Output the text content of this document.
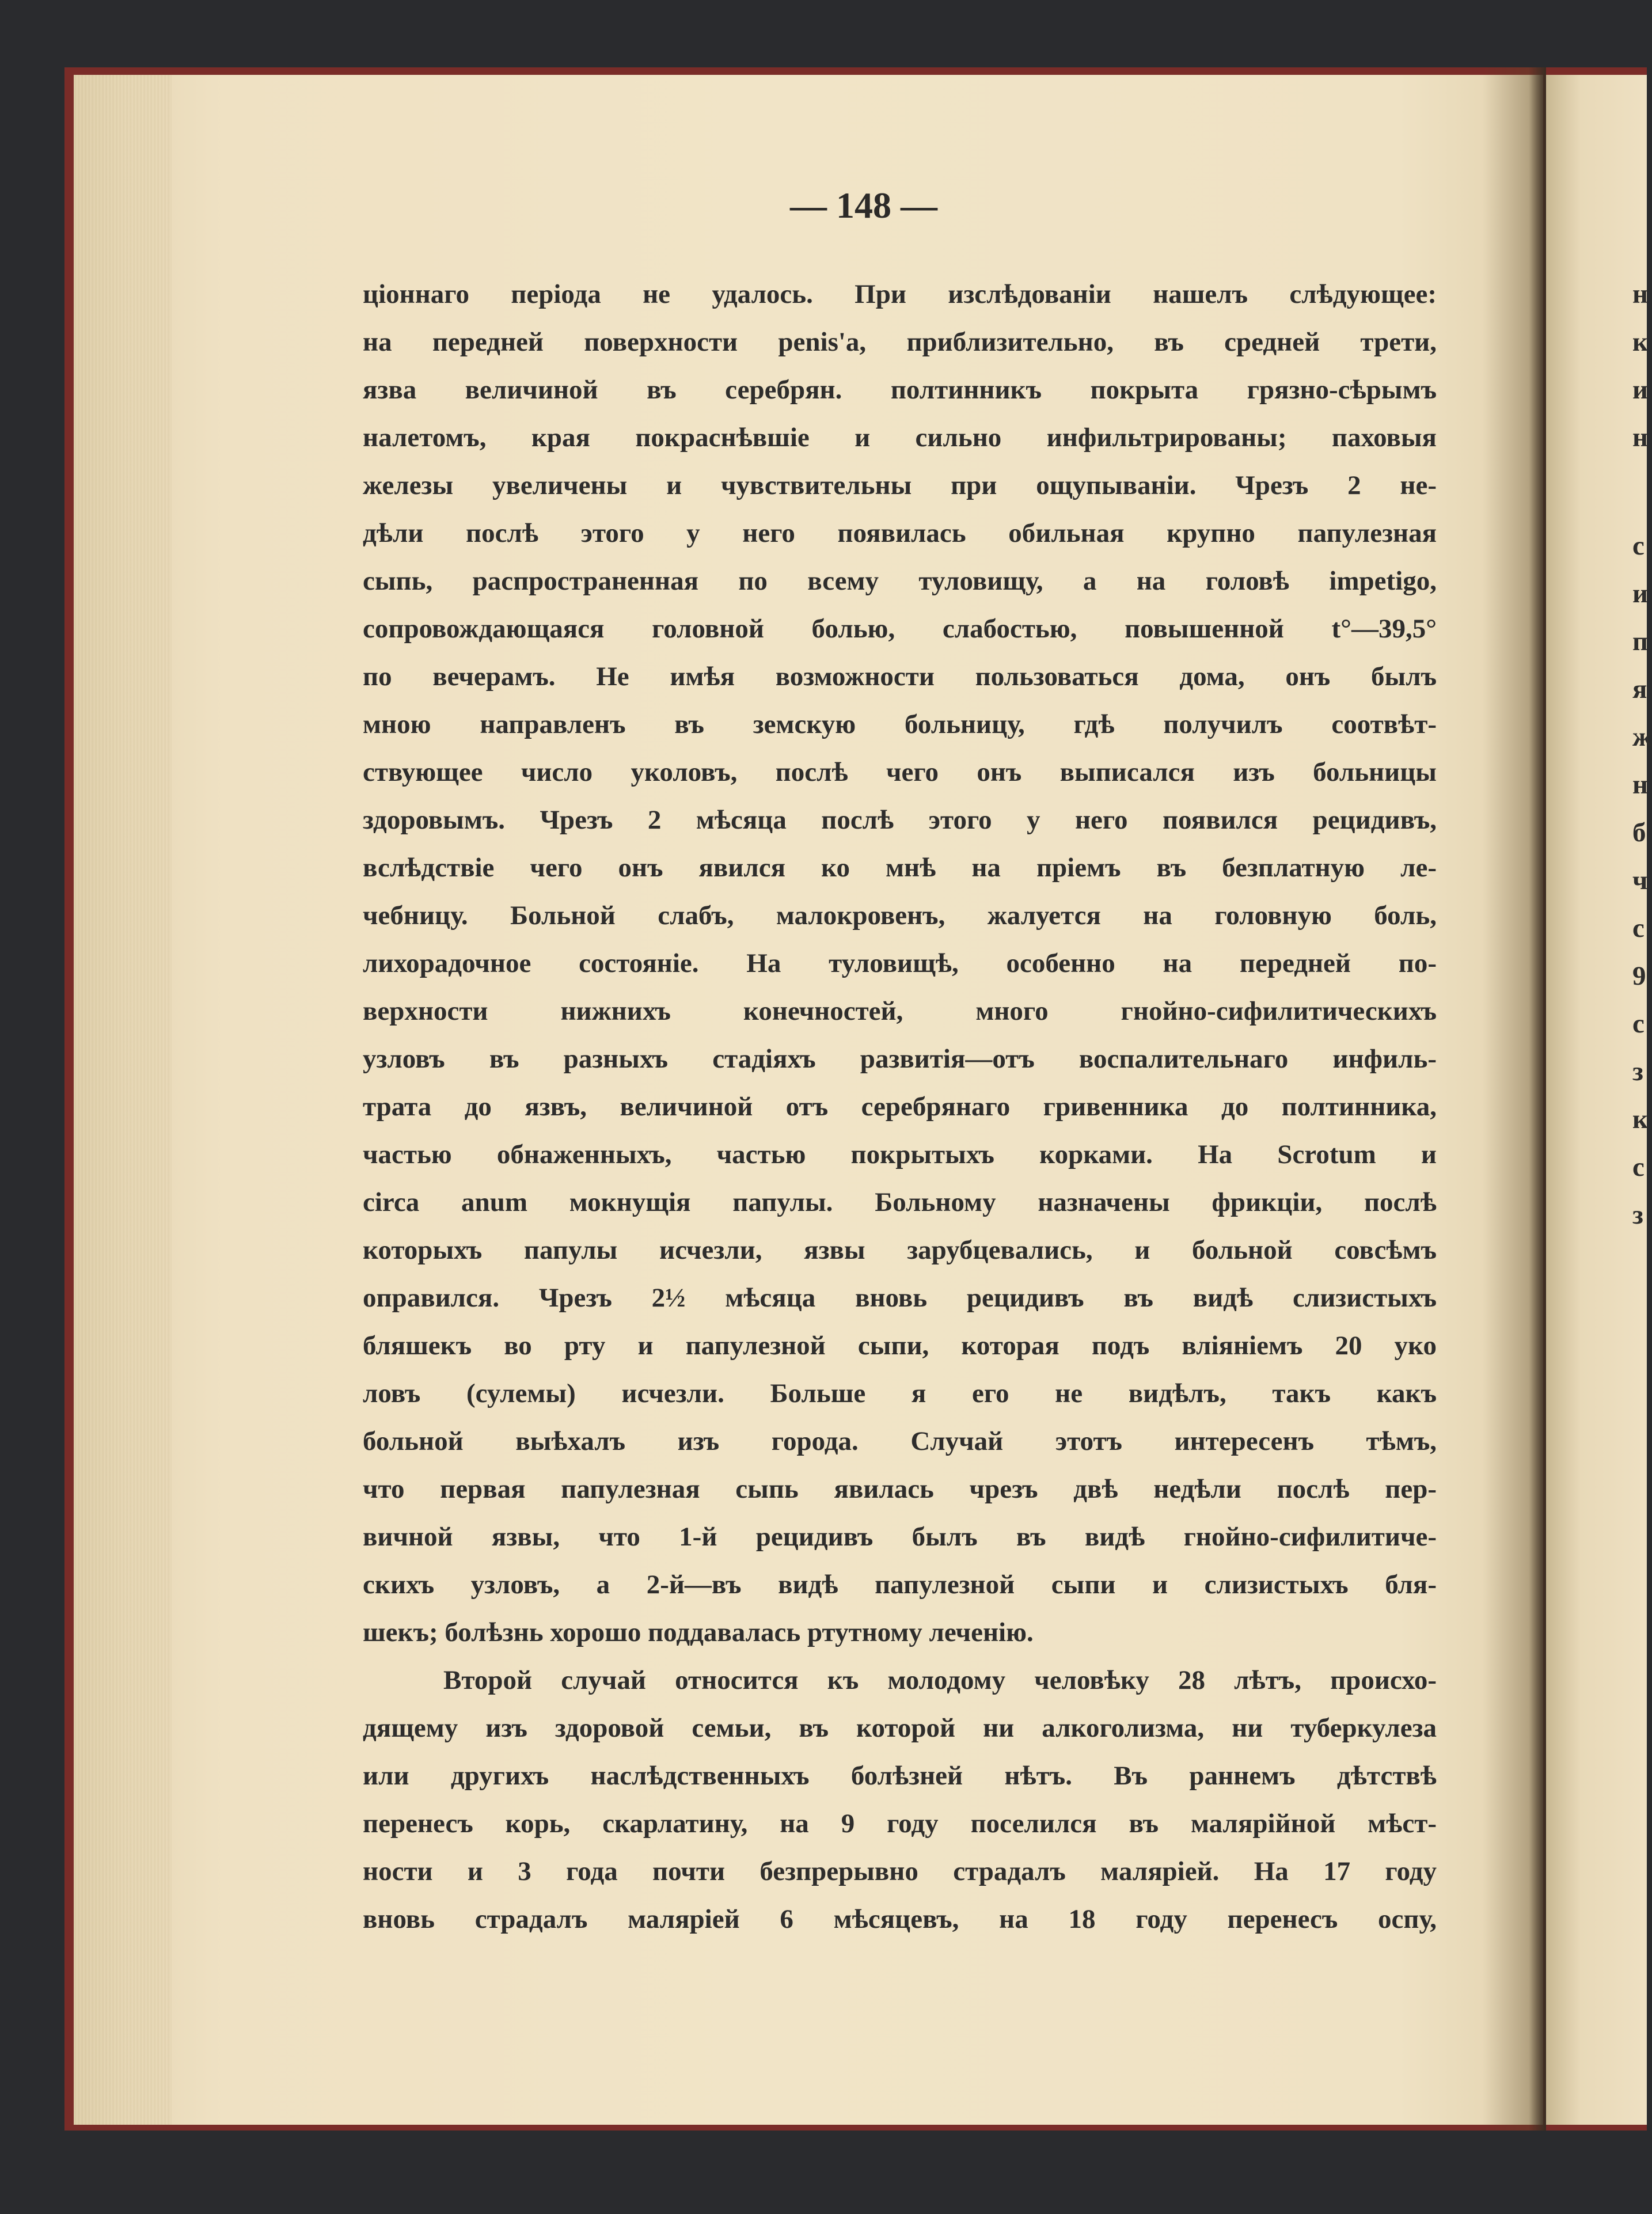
— 148 —
ціоннаго періода не удалось. При изслѣдованіи нашелъ слѣдующее:
на передней поверхности penis'a, приблизительно, въ средней трети,
язва величиной въ серебрян. полтинникъ покрыта грязно-сѣрымъ
налетомъ, края покраснѣвшіе и сильно инфильтрированы; паховыя
железы увеличены и чувствительны при ощупываніи. Чрезъ 2 не-
дѣли послѣ этого у него появилась обильная крупно папулезная
сыпь, распространенная по всему туловищу, а на головѣ impetigo,
сопровождающаяся головной болью, слабостью, повышенной t°—39,5°
по вечерамъ. Не имѣя возможности пользоваться дома, онъ былъ
мною направленъ въ земскую больницу, гдѣ получилъ соотвѣт-
ствующее число уколовъ, послѣ чего онъ выписался изъ больницы
здоровымъ. Чрезъ 2 мѣсяца послѣ этого у него появился рецидивъ,
вслѣдствіе чего онъ явился ко мнѣ на пріемъ въ безплатную ле-
чебницу. Больной слабъ, малокровенъ, жалуется на головную боль,
лихорадочное состояніе. На туловищѣ, особенно на передней по-
верхности нижнихъ конечностей, много гнойно-сифилитическихъ
узловъ въ разныхъ стадіяхъ развитія—отъ воспалительнаго инфиль-
трата до язвъ, величиной отъ серебрянаго гривенника до полтинника,
частью обнаженныхъ, частью покрытыхъ корками. На Scrotum и
circa anum мокнущія папулы. Больному назначены фрикціи, послѣ
которыхъ папулы исчезли, язвы зарубцевались, и больной совсѣмъ
оправился. Чрезъ 2½ мѣсяца вновь рецидивъ въ видѣ слизистыхъ
бляшекъ во рту и папулезной сыпи, которая подъ вліяніемъ 20 уко
ловъ (сулемы) исчезли. Больше я его не видѣлъ, такъ какъ
больной выѣхалъ изъ города. Случай этотъ интересенъ тѣмъ,
что первая папулезная сыпь явилась чрезъ двѣ недѣли послѣ пер-
вичной язвы, что 1-й рецидивъ былъ въ видѣ гнойно-сифилитиче-
скихъ узловъ, а 2-й—въ видѣ папулезной сыпи и слизистыхъ бля-
шекъ; болѣзнь хорошо поддавалась ртутному леченію.
Второй случай относится къ молодому человѣку 28 лѣтъ, происхо-
дящему изъ здоровой семьи, въ которой ни алкоголизма, ни туберкулеза
или другихъ наслѣдственныхъ болѣзней нѣтъ. Въ раннемъ дѣтствѣ
перенесъ корь, скарлатину, на 9 году поселился въ малярійной мѣст-
ности и 3 года почти безпрерывно страдалъ маляріей. На 17 году
вновь страдалъ маляріей 6 мѣсяцевъ, на 18 году перенесъ оспу,
н
к
и
н
с
и
п
я
ж
н
б
ч
с
9
с
з
к
с
з
